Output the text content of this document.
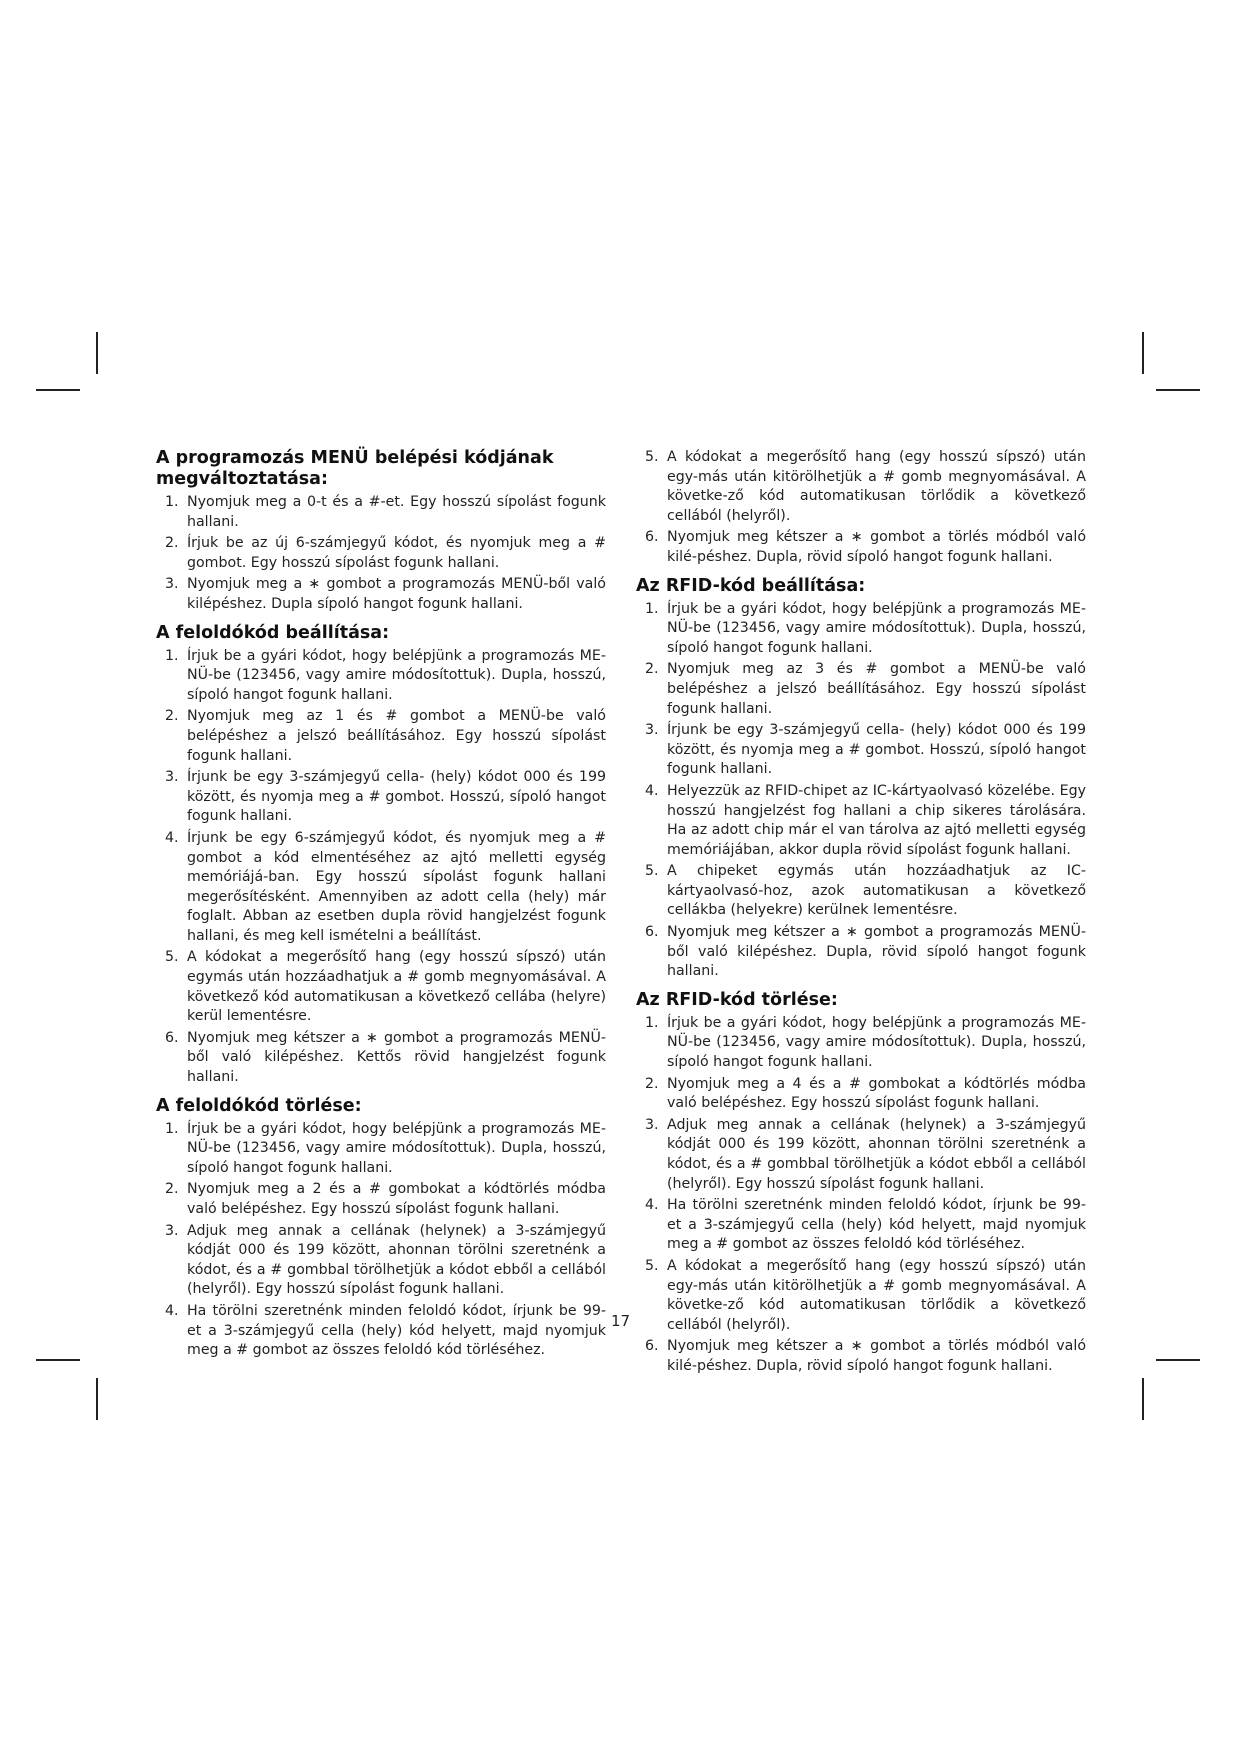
A programozás MENÜ belépési kódjának megváltoztatása:
1. Nyomjuk meg a 0-t és a #-et. Egy hosszú sípolást fogunk hallani.
2. Írjuk be az új 6-számjegyű kódot, és nyomjuk meg a # gombot. Egy hosszú sípolást fogunk hallani.
3. Nyomjuk meg a ∗ gombot a programozás MENÜ-ből való kilépéshez. Dupla sípoló hangot fogunk hallani.
A feloldókód beállítása:
1. Írjuk be a gyári kódot, hogy belépjünk a programozás ME-NÜ-be (123456, vagy amire módosítottuk). Dupla, hosszú, sípoló hangot fogunk hallani.
2. Nyomjuk meg az 1 és # gombot a MENÜ-be való belépéshez a jelszó beállításához. Egy hosszú sípolást fogunk hallani.
3. Írjunk be egy 3-számjegyű cella- (hely) kódot 000 és 199 között, és nyomja meg a # gombot. Hosszú, sípoló hangot fogunk hallani.
4. Írjunk be egy 6-számjegyű kódot, és nyomjuk meg a # gombot a kód elmentéséhez az ajtó melletti egység memóriájá-ban. Egy hosszú sípolást fogunk hallani megerősítésként. Amennyiben az adott cella (hely) már foglalt. Abban az esetben dupla rövid hangjelzést fogunk hallani, és meg kell ismételni a beállítást.
5. A kódokat a megerősítő hang (egy hosszú sípszó) után egymás után hozzáadhatjuk a # gomb megnyomásával. A következő kód automatikusan a következő cellába (helyre) kerül lementésre.
6. Nyomjuk meg kétszer a ∗ gombot a programozás MENÜ-ből való kilépéshez. Kettős rövid hangjelzést fogunk hallani.
A feloldókód törlése:
1. Írjuk be a gyári kódot, hogy belépjünk a programozás ME-NÜ-be (123456, vagy amire módosítottuk). Dupla, hosszú, sípoló hangot fogunk hallani.
2. Nyomjuk meg a 2 és a # gombokat a kódtörlés módba való belépéshez. Egy hosszú sípolást fogunk hallani.
3. Adjuk meg annak a cellának (helynek) a 3-számjegyű kódját 000 és 199 között, ahonnan törölni szeretnénk a kódot, és a # gombbal törölhetjük a kódot ebből a cellából (helyről). Egy hosszú sípolást fogunk hallani.
4. Ha törölni szeretnénk minden feloldó kódot, írjunk be 99-et a 3-számjegyű cella (hely) kód helyett, majd nyomjuk meg a # gombot az összes feloldó kód törléséhez.
5. A kódokat a megerősítő hang (egy hosszú sípszó) után egy-más után kitörölhetjük a # gomb megnyomásával. A követke-ző kód automatikusan törlődik a következő cellából (helyről).
6. Nyomjuk meg kétszer a ∗ gombot a törlés módból való kilé-péshez. Dupla, rövid sípoló hangot fogunk hallani.
Az RFID-kód beállítása:
1. Írjuk be a gyári kódot, hogy belépjünk a programozás ME-NÜ-be (123456, vagy amire módosítottuk). Dupla, hosszú, sípoló hangot fogunk hallani.
2. Nyomjuk meg az 3 és # gombot a MENÜ-be való belépéshez a jelszó beállításához. Egy hosszú sípolást fogunk hallani.
3. Írjunk be egy 3-számjegyű cella- (hely) kódot 000 és 199 között, és nyomja meg a # gombot. Hosszú, sípoló hangot fogunk hallani.
4. Helyezzük az RFID-chipet az IC-kártyaolvasó közelébe. Egy hosszú hangjelzést fog hallani a chip sikeres tárolására. Ha az adott chip már el van tárolva az ajtó melletti egység memóriájában, akkor dupla rövid sípolást fogunk hallani.
5. A chipeket egymás után hozzáadhatjuk az IC-kártyaolvasó-hoz, azok automatikusan a következő cellákba (helyekre) kerülnek lementésre.
6. Nyomjuk meg kétszer a ∗ gombot a programozás MENÜ-ből való kilépéshez. Dupla, rövid sípoló hangot fogunk hallani.
Az RFID-kód törlése:
1. Írjuk be a gyári kódot, hogy belépjünk a programozás ME-NÜ-be (123456, vagy amire módosítottuk). Dupla, hosszú, sípoló hangot fogunk hallani.
2. Nyomjuk meg a 4 és a # gombokat a kódtörlés módba való belépéshez. Egy hosszú sípolást fogunk hallani.
3. Adjuk meg annak a cellának (helynek) a 3-számjegyű kódját 000 és 199 között, ahonnan törölni szeretnénk a kódot, és a # gombbal törölhetjük a kódot ebből a cellából (helyről). Egy hosszú sípolást fogunk hallani.
4. Ha törölni szeretnénk minden feloldó kódot, írjunk be 99-et a 3-számjegyű cella (hely) kód helyett, majd nyomjuk meg a # gombot az összes feloldó kód törléséhez.
5. A kódokat a megerősítő hang (egy hosszú sípszó) után egy-más után kitörölhetjük a # gomb megnyomásával. A követke-ző kód automatikusan törlődik a következő cellából (helyről).
6. Nyomjuk meg kétszer a ∗ gombot a törlés módból való kilé-péshez. Dupla, rövid sípoló hangot fogunk hallani.
17
